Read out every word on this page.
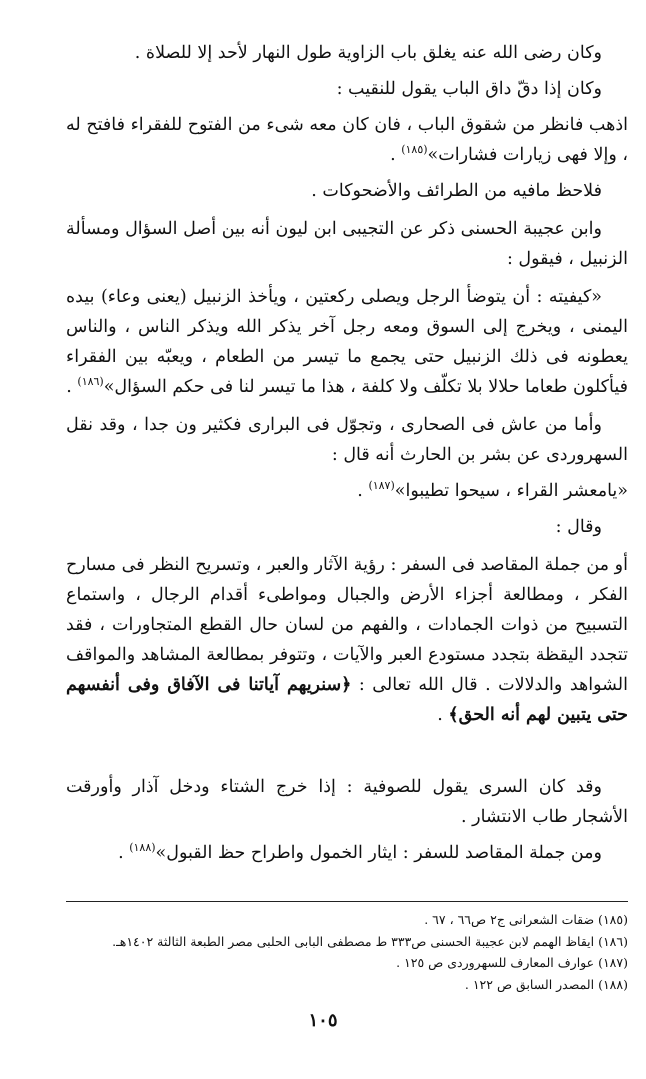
وكان رضى الله عنه يغلق باب الزاوية طول النهار لأحد إلا للصلاة .

وكان إذا دقّ داق الباب يقول للنقيب :

اذهب فانظر من شقوق الباب ، فان كان معه شىء من الفتوح للفقراء فافتح له ، وإلا فهى زيارات فشارات»$^{(١٨٥)}$ .

فلاحظ مافيه من الطرائف والأضحوكات .

وابن عجيبة الحسنى ذكر عن التجيبى ابن ليون أنه بين أصل السؤال ومسألة الزنبيل ، فيقول :

«كيفيته : أن يتوضأ الرجل ويصلى ركعتين ، ويأخذ الزنبيل (يعنى وعاء) بيده اليمنى ، ويخرج إلى السوق ومعه رجل آخر يذكر الله ويذكر الناس ، والناس يعطونه فى ذلك الزنبيل حتى يجمع ما تيسر من الطعام ، ويعبّه بين الفقراء فيأكلون طعاما حلالا بلا تكلّف ولا كلفة ، هذا ما تيسر لنا فى حكم السؤال»$^{(١٨٦)}$ .

وأما من عاش فى الصحارى ، وتجوّل فى البرارى فكثير ون جدا ، وقد نقل السهروردى عن بشر بن الحارث أنه قال :

«يامعشر القراء ، سيحوا تطيبوا»$^{(١٨٧)}$ .

وقال :

أو من جملة المقاصد فى السفر : رؤية الآثار والعبر ، وتسريح النظر فى مسارح الفكر ، ومطالعة أجزاء الأرض والجبال ومواطىء أقدام الرجال ، واستماع التسبيح من ذوات الجمادات ، والفهم من لسان حال القطع المتجاورات ، فقد تتجدد اليقظة بتجدد مستودع العبر والآيات ، وتتوفر بمطالعة المشاهد والمواقف الشواهد والدلالات . قال الله تعالى : ﴿سنريهم آياتنا فى الآفاق وفى أنفسهم حتى يتبين لهم أنه الحق﴾ .

وقد كان السرى يقول للصوفية : إذا خرج الشتاء ودخل آذار وأورقت الأشجار طاب الانتشار .

ومن جملة المقاصد للسفر : ايثار الخمول واطراح حظ القبول»$^{(١٨٨)}$ .

(١٨٥) ضقات الشعرانى ج٢ ص٦٦ ، ٦٧ .

(١٨٦) ايقاظ الهمم لابن عجيبة الحسنى ص٣٣٣ ط مصطفى البابى الحلبى مصر الطبعة الثالثة ١٤٠٢هـ.

(١٨٧) عوارف المعارف للسهروردى ص ١٢٥ .

(١٨٨) المصدر السابق ص ١٢٢ .

١٠٥
